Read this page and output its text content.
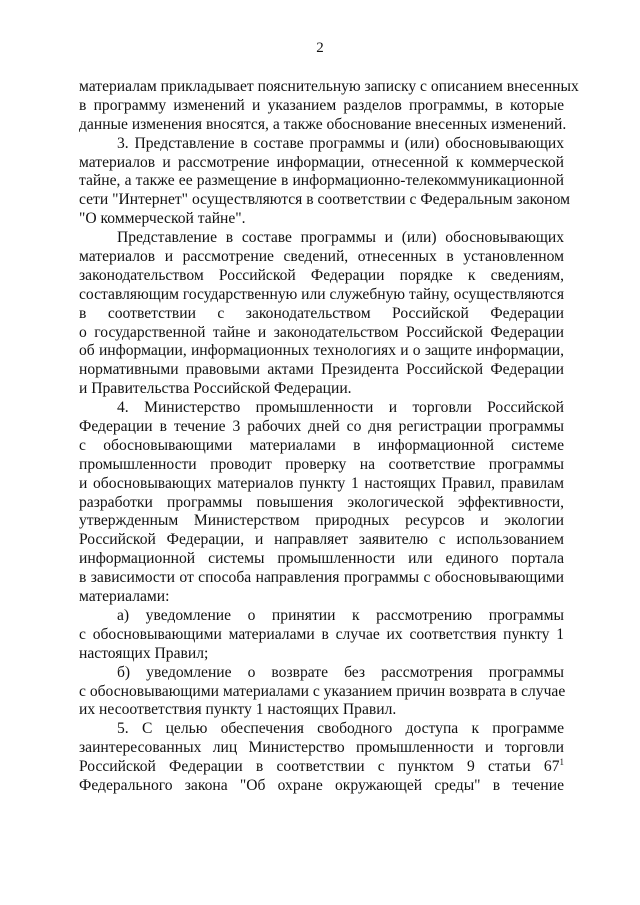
2
материалам прикладывает пояснительную записку с описанием внесенных
в программу изменений и указанием разделов программы, в которые
данные изменения вносятся, а также обоснование внесенных изменений.
3. Представление в составе программы и (или) обосновывающих
материалов и рассмотрение информации, отнесенной к коммерческой
тайне, а также ее размещение в информационно-телекоммуникационной
сети "Интернет" осуществляются в соответствии с Федеральным законом
"О коммерческой тайне".
Представление в составе программы и (или) обосновывающих
материалов и рассмотрение сведений, отнесенных в установленном
законодательством Российской Федерации порядке к сведениям,
составляющим государственную или служебную тайну, осуществляются
в соответствии с законодательством Российской Федерации
о государственной тайне и законодательством Российской Федерации
об информации, информационных технологиях и о защите информации,
нормативными правовыми актами Президента Российской Федерации
и Правительства Российской Федерации.
4. Министерство промышленности и торговли Российской
Федерации в течение 3 рабочих дней со дня регистрации программы
с обосновывающими материалами в информационной системе
промышленности проводит проверку на соответствие программы
и обосновывающих материалов пункту 1 настоящих Правил, правилам
разработки программы повышения экологической эффективности,
утвержденным Министерством природных ресурсов и экологии
Российской Федерации, и направляет заявителю с использованием
информационной системы промышленности или единого портала
в зависимости от способа направления программы с обосновывающими
материалами:
а) уведомление о принятии к рассмотрению программы
с обосновывающими материалами в случае их соответствия пункту 1
настоящих Правил;
б) уведомление о возврате без рассмотрения программы
с обосновывающими материалами с указанием причин возврата в случае
их несоответствия пункту 1 настоящих Правил.
5. С целью обеспечения свободного доступа к программе
заинтересованных лиц Министерство промышленности и торговли
Российской Федерации в соответствии с пунктом 9 статьи $67^1$
Федерального закона "Об охране окружающей среды" в течение
